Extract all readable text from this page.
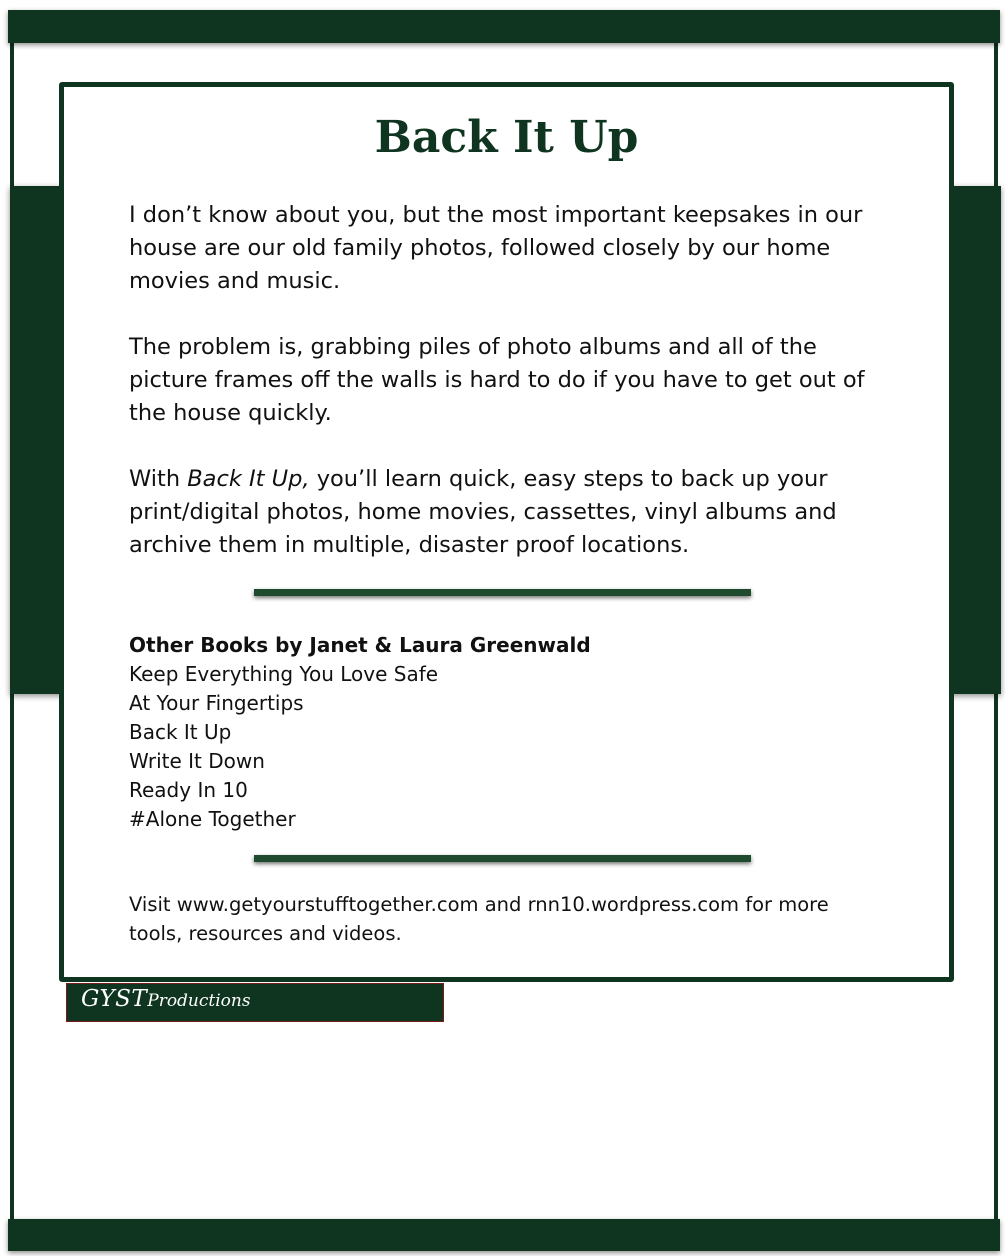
Back It Up
I don’t know about you, but the most important keepsakes in our house are our old family photos, followed closely by our home movies and music.
The problem is, grabbing piles of photo albums and all of the picture frames off the walls is hard to do if you have to get out of the house quickly.
With Back It Up, you’ll learn quick, easy steps to back up your print/digital photos, home movies, cassettes, vinyl albums and archive them in multiple, disaster proof locations.
Other Books by Janet & Laura Greenwald
Keep Everything You Love Safe
At Your Fingertips
Back It Up
Write It Down
Ready In 10
#Alone Together
Visit www.getyourstufftogether.com and rnn10.wordpress.com for more tools, resources and videos.
GYSTProductions
